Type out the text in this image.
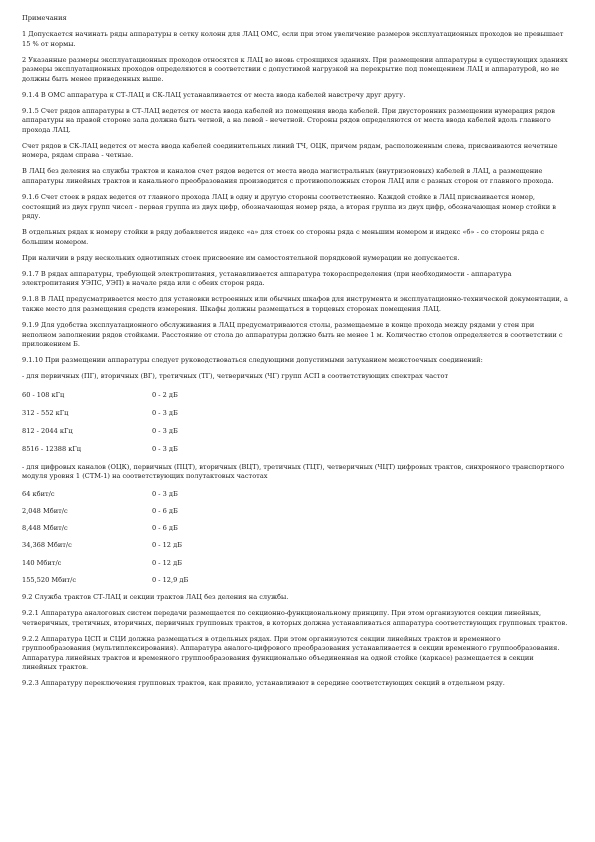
Примечания

1 Допускается начинать ряды аппаратуры в сетку колонн для ЛАЦ ОМС, если при этом увеличение размеров эксплуатационных проходов не превышает 15 % от нормы.

2 Указанные размеры эксплуатационных проходов относятся к ЛАЦ во вновь строящихся зданиях. При размещении аппаратуры в существующих зданиях размеры эксплуатационных проходов определяются в соответствии с допустимой нагрузкой на перекрытие под помещением ЛАЦ и аппаратурой, но не должны быть менее приведенных выше.

9.1.4 В ОМС аппаратура к СТ-ЛАЦ и СК-ЛАЦ устанавливается от места ввода кабелей навстречу друг другу.

9.1.5 Счет рядов аппаратуры в СТ-ЛАЦ ведется от места ввода кабелей из помещения ввода кабелей. При двусторонних размещении нумерация рядов аппаратуры на правой стороне зала должна быть четной, а на левой - нечетной. Стороны рядов определяются от места ввода кабелей вдоль главного прохода ЛАЦ.

Счет рядов в СК-ЛАЦ ведется от места ввода кабелей соединительных линий ТЧ, ОЦК, причем рядам, расположенным слева, присваиваются нечетные номера, рядам справа - четные.

В ЛАЦ без деления на службы трактов и каналов счет рядов ведется от места ввода магистральных (внутризоновых) кабелей в ЛАЦ, а размещение аппаратуры линейных трактов и канального преобразования производится с противоположных сторон ЛАЦ или с разных сторон от главного прохода.

9.1.6 Счет стоек в рядах ведется от главного прохода ЛАЦ в одну и другую стороны соответственно. Каждой стойке в ЛАЦ присваивается номер, состоящий из двух групп чисел - первая группа из двух цифр, обозначающая номер ряда, а вторая группа из двух цифр, обозначающая номер стойки в ряду.

В отдельных рядах к номеру стойки в ряду добавляется индекс «а» для стоек со стороны ряда с меньшим номером и индекс «б» - со стороны ряда с большим номером.

При наличии в ряду нескольких однотипных стоек присвоение им самостоятельной порядковой нумерации не допускается.

9.1.7 В рядах аппаратуры, требующей электропитания, устанавливается аппаратура токораспределения (при необходимости - аппаратура электропитания УЭПС, УЭП) в начале ряда или с обеих сторон ряда.

9.1.8 В ЛАЦ предусматривается место для установки встроенных или обычных шкафов для инструмента и эксплуатационно-технической документации, а также место для размещения средств измерения. Шкафы должны размещаться в торцевых сторонах помещения ЛАЦ.

9.1.9 Для удобства эксплуатационного обслуживания в ЛАЦ предусматриваются столы, размещаемые в конце прохода между рядами у стен при неполном заполнении рядов стойками. Расстояние от стола до аппаратуры должно быть не менее 1 м. Количество столов определяется в соответствии с приложением Б.

9.1.10 При размещении аппаратуры следует руководствоваться следующими допустимыми затуханием межстоечных соединений:

- для первичных (ПГ), вторичных (ВГ), третичных (ТГ), четверичных (ЧГ) групп АСП в соответствующих спектрах частот

60 - 108 кГц	0 - 2 дБ
312 - 552 кГц	0 - 3 дБ
812 - 2044 кГц	0 - 3 дБ
8516 - 12388 кГц	0 - 3 дБ

- для цифровых каналов (ОЦК), первичных (ПЦТ), вторичных (ВЦТ), третичных (ТЦТ), четверичных (ЧЦТ) цифровых трактов, синхронного транспортного модуля уровня 1 (СТМ-1) на соответствующих полутактовых частотах

64 кбит/с	0 - 3 дБ
2,048 Мбит/с	0 - 6 дБ
8,448 Мбит/с	0 - 6 дБ
34,368 Мбит/с	0 - 12 дБ
140 Мбит/с	0 - 12 дБ
155,520 Мбит/с	0 - 12,9 дБ

9.2 Служба трактов СТ-ЛАЦ и секции трактов ЛАЦ без деления на службы.

9.2.1 Аппаратура аналоговых систем передачи размещается по секционно-функциональному принципу. При этом организуются секции линейных, четверичных, третичных, вторичных, первичных групповых трактов, в которых должна устанавливаться аппаратура соответствующих групповых трактов.

9.2.2 Аппаратура ЦСП и СЦИ должна размещаться в отдельных рядах. При этом организуются секции линейных трактов и временного группообразования (мультиплексирования). Аппаратура аналого-цифрового преобразования устанавливается в секции временного группообразования. Аппаратура линейных трактов и временного группообразования функционально объединенная на одной стойке (каркасе) размещается в секции линейных трактов.

9.2.3 Аппаратуру переключения групповых трактов, как правило, устанавливают в середине соответствующих секций в отдельном ряду.
